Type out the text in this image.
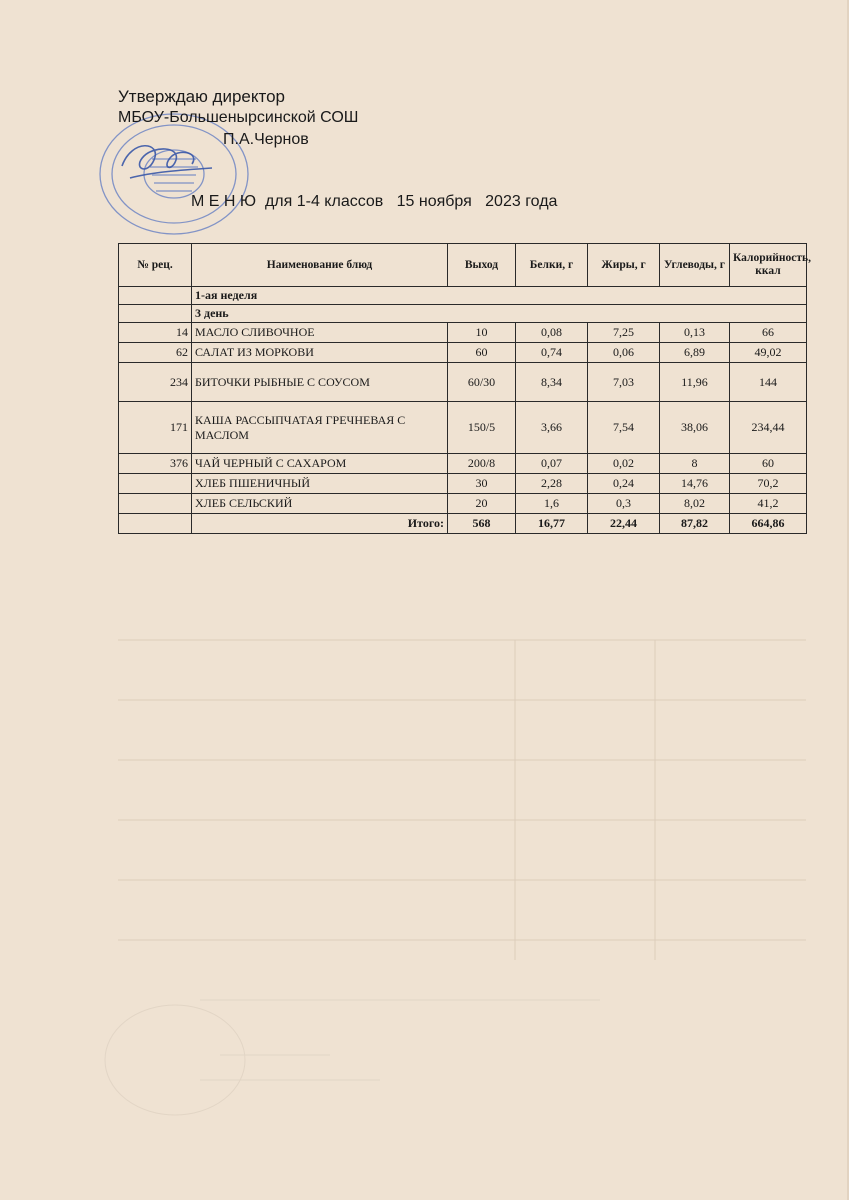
Утверждаю директор
МБОУ-Большенырсинской СОШ
П.А.Чернов
М Е Н Ю  для 1-4 классов   15 ноября   2023 года
№ рец.	Наименование блюд	Выход	Белки, г	Жиры, г	Углеводы, г	Калорийность, ккал
	1-ая неделя					
	3 день					
14	МАСЛО СЛИВОЧНОЕ	10	0,08	7,25	0,13	66
62	САЛАТ ИЗ МОРКОВИ	60	0,74	0,06	6,89	49,02
234	БИТОЧКИ РЫБНЫЕ С СОУСОМ	60/30	8,34	7,03	11,96	144
171	КАША РАССЫПЧАТАЯ ГРЕЧНЕВАЯ С МАСЛОМ	150/5	3,66	7,54	38,06	234,44
376	ЧАЙ ЧЕРНЫЙ С САХАРОМ	200/8	0,07	0,02	8	60
	ХЛЕБ ПШЕНИЧНЫЙ	30	2,28	0,24	14,76	70,2
	ХЛЕБ СЕЛЬСКИЙ	20	1,6	0,3	8,02	41,2
	Итого:	568	16,77	22,44	87,82	664,86
